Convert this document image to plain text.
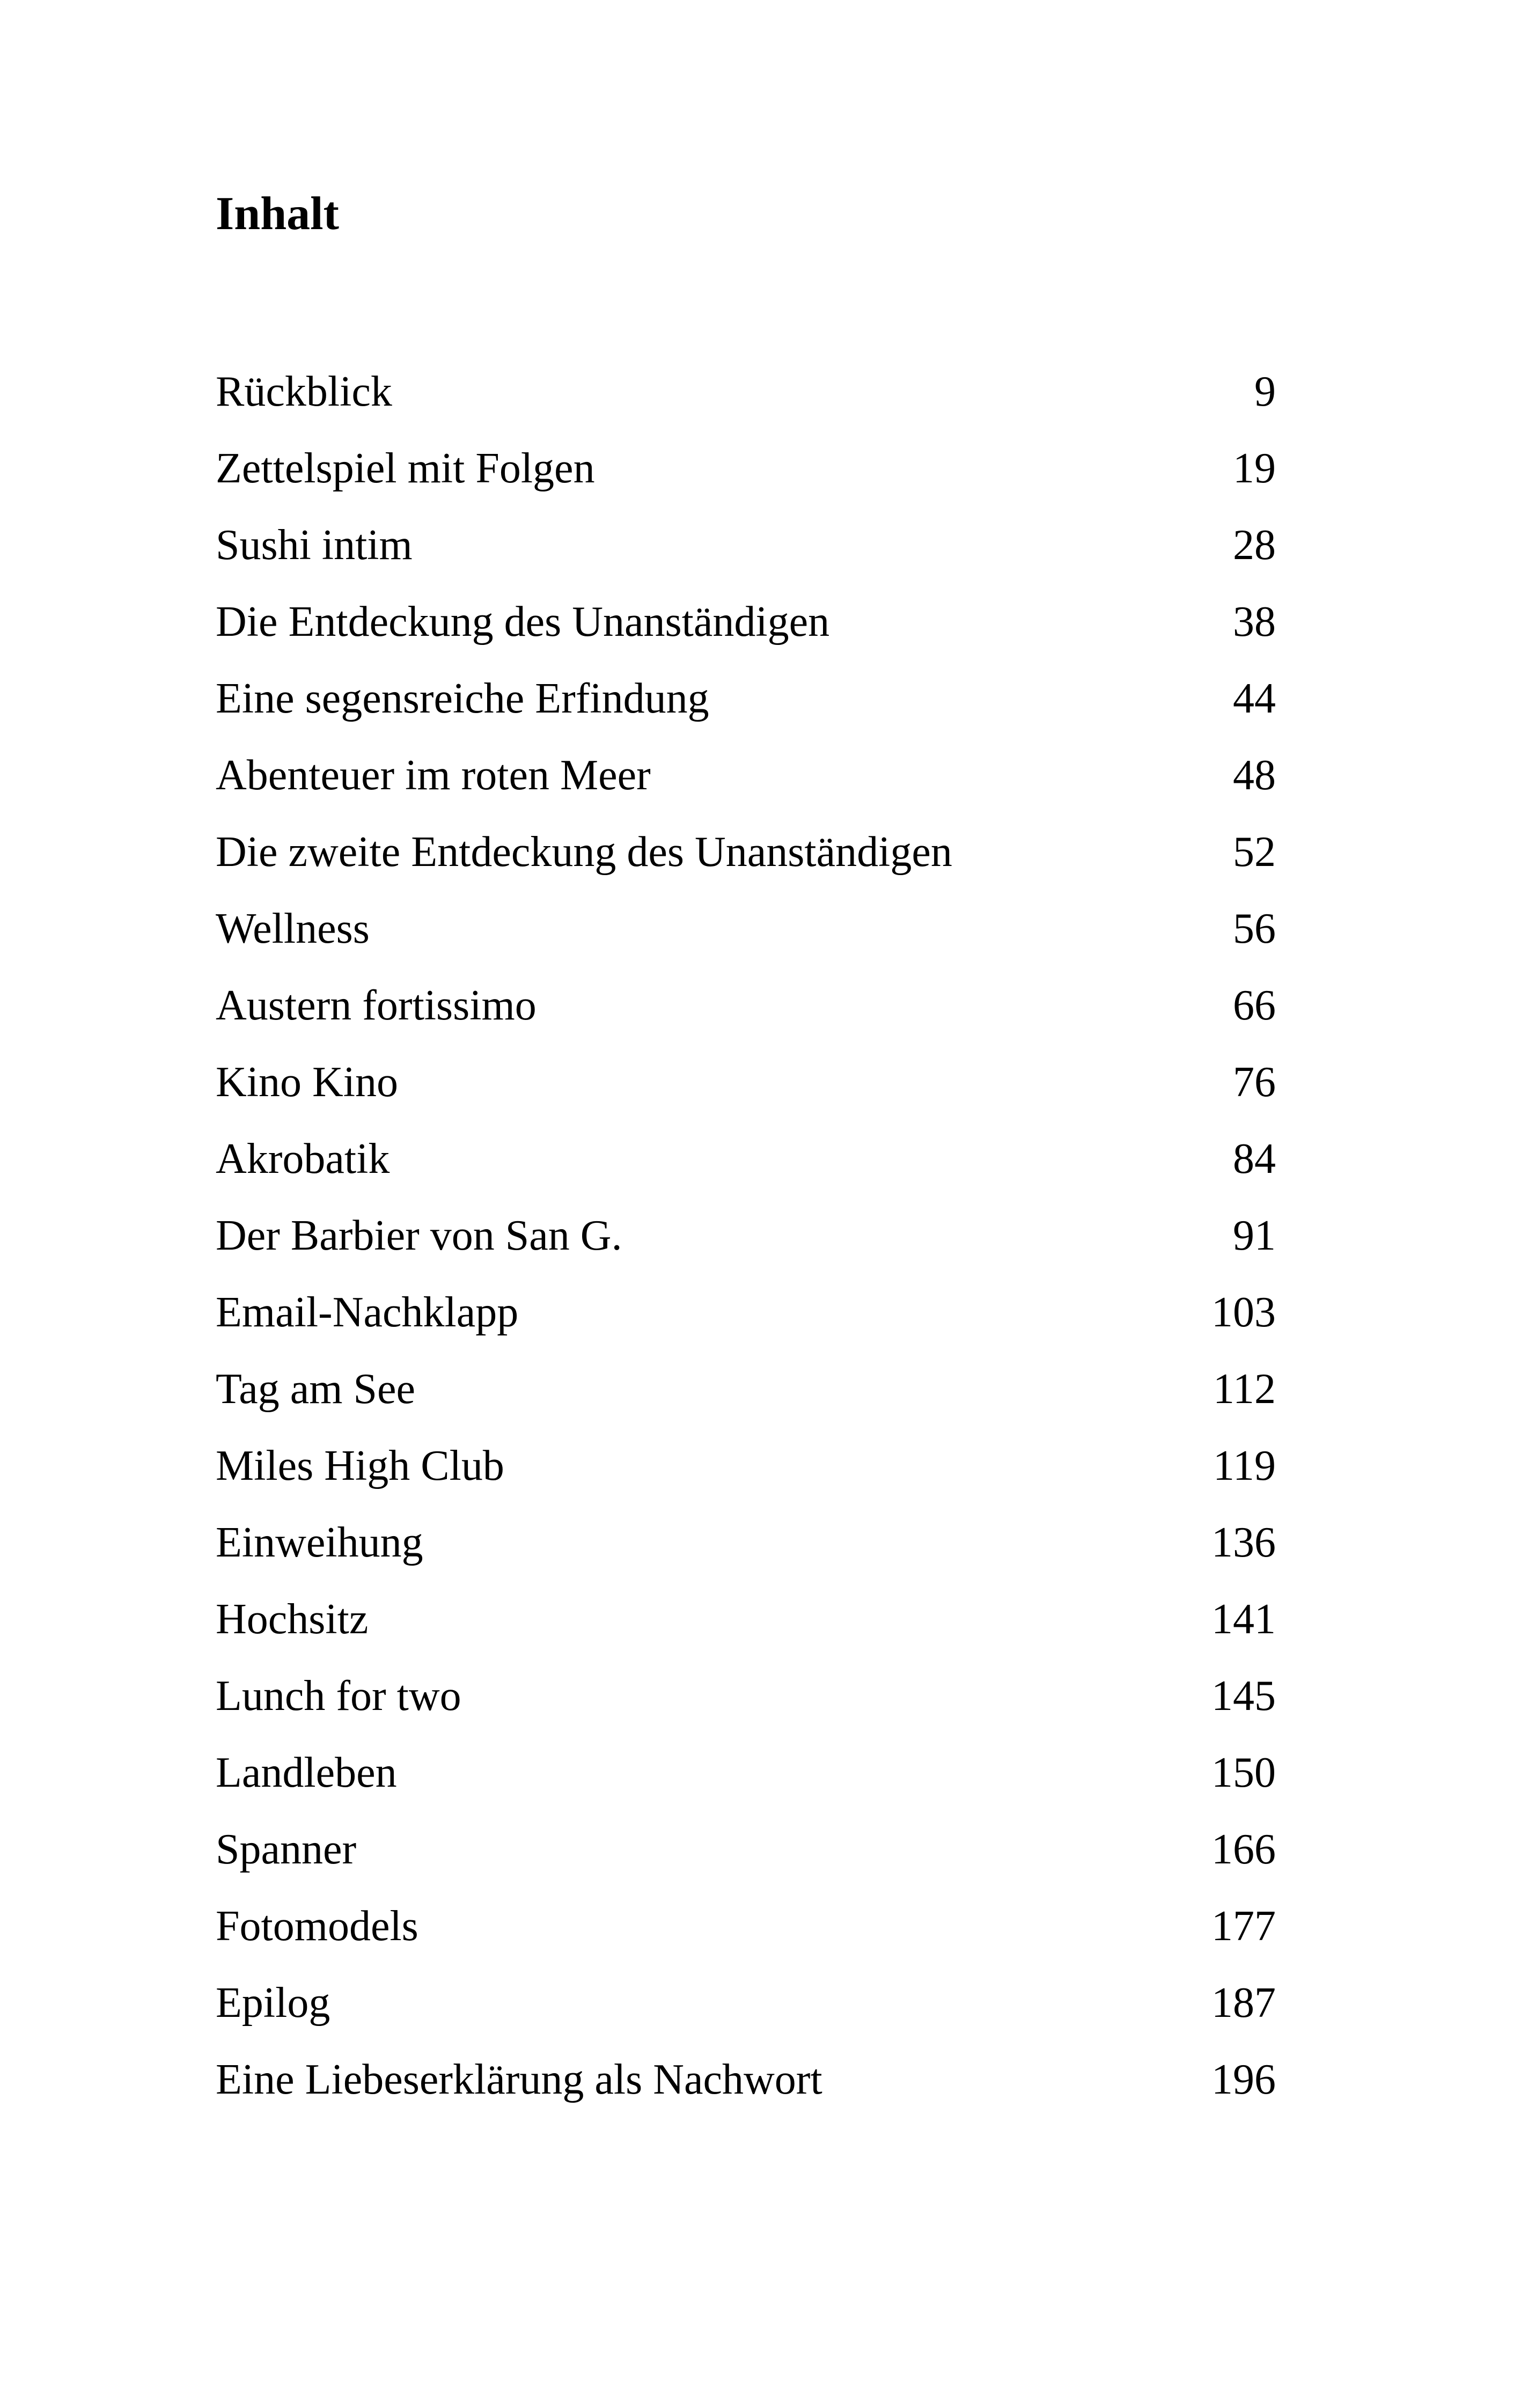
Inhalt
Rückblick	9
Zettelspiel mit Folgen	19
Sushi intim	28
Die Entdeckung des Unanständigen	38
Eine segensreiche Erfindung	44
Abenteuer im roten Meer	48
Die zweite Entdeckung des Unanständigen	52
Wellness	56
Austern fortissimo	66
Kino Kino	76
Akrobatik	84
Der Barbier von San G.	91
Email-Nachklapp	103
Tag am See	112
Miles High Club	119
Einweihung	136
Hochsitz	141
Lunch for two	145
Landleben	150
Spanner	166
Fotomodels	177
Epilog	187
Eine Liebeserklärung als Nachwort	196
